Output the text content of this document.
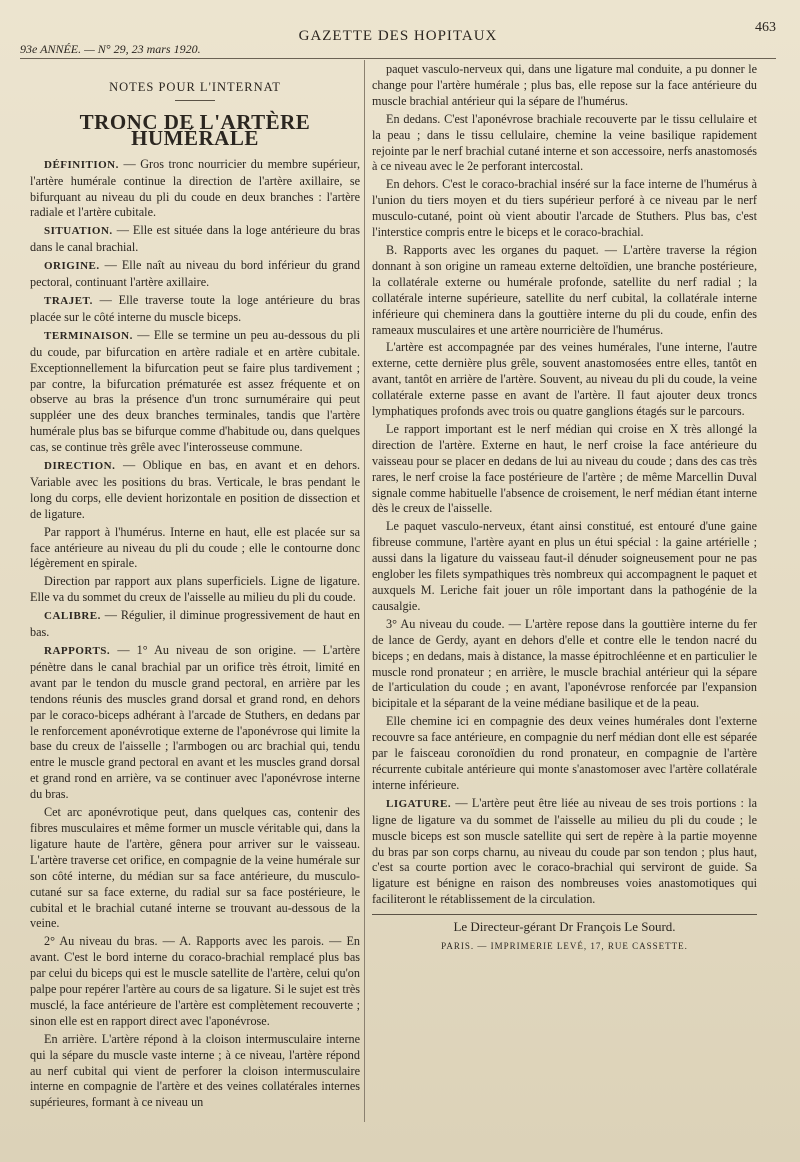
93e ANNÉE. — N° 29, 23 mars 1920.
GAZETTE DES HOPITAUX
463
NOTES POUR L'INTERNAT
TRONC DE L'ARTÈRE HUMÉRALE

DÉFINITION. — Gros tronc nourricier du membre supérieur, l'artère humérale continue la direction de l'artère axillaire, se bifurquant au niveau du pli du coude en deux branches : l'artère radiale et l'artère cubitale.

SITUATION. — Elle est située dans la loge antérieure du bras dans le canal brachial.

ORIGINE. — Elle naît au niveau du bord inférieur du grand pectoral, continuant l'artère axillaire.

TRAJET. — Elle traverse toute la loge antérieure du bras placée sur le côté interne du muscle biceps.

TERMINAISON. — Elle se termine un peu au-dessous du pli du coude, par bifurcation en artère radiale et en artère cubitale. Exceptionnellement la bifurcation peut se faire plus tardivement ; par contre, la bifurcation prématurée est assez fréquente et on observe au bras la présence d'un tronc surnuméraire qui peut suppléer une des deux branches terminales, tandis que l'artère humérale plus bas se bifurque comme d'habitude ou, dans quelques cas, se continue très grêle avec l'interosseuse commune.

DIRECTION. — Oblique en bas, en avant et en dehors. Variable avec les positions du bras. Verticale, le bras pendant le long du corps, elle devient horizontale en position de dissection et de ligature.

Par rapport à l'humérus. Interne en haut, elle est placée sur sa face antérieure au niveau du pli du coude ; elle le contourne donc légèrement en spirale.

Direction par rapport aux plans superficiels. Ligne de ligature. Elle va du sommet du creux de l'aisselle au milieu du pli du coude.

CALIBRE. — Régulier, il diminue progressivement de haut en bas.

RAPPORTS. — 1° Au niveau de son origine. — L'artère pénètre dans le canal brachial par un orifice très étroit, limité en avant par le tendon du muscle grand pectoral, en arrière par les tendons réunis des muscles grand dorsal et grand rond, en dehors par le coraco-biceps adhérant à l'arcade de Stuthers, en dedans par le renforcement aponévrotique externe de l'aponévrose qui limite la base du creux de l'aisselle ; l'armbogen ou arc brachial qui, tendu entre le muscle grand pectoral en avant et les muscles grand dorsal et grand rond en arrière, va se continuer avec l'aponévrose interne du bras.

Cet arc aponévrotique peut, dans quelques cas, contenir des fibres musculaires et même former un muscle véritable qui, dans la ligature haute de l'artère, gênera pour arriver sur le vaisseau. L'artère traverse cet orifice, en compagnie de la veine humérale sur son côté interne, du médian sur sa face antérieure, du musculo-cutané sur sa face externe, du radial sur sa face postérieure, le cubital et le brachial cutané interne se trouvant au-dessous de la veine.

2° Au niveau du bras. — A. Rapports avec les parois. — En avant. C'est le bord interne du coraco-brachial remplacé plus bas par celui du biceps qui est le muscle satellite de l'artère, celui qu'on palpe pour repérer l'artère au cours de sa ligature. Si le sujet est très musclé, la face antérieure de l'artère est complètement recouverte ; sinon elle est en rapport direct avec l'aponévrose.

En arrière. L'artère répond à la cloison intermusculaire interne qui la sépare du muscle vaste interne ; à ce niveau, l'artère répond au nerf cubital qui vient de perforer la cloison intermusculaire interne en compagnie de l'artère et des veines collatérales internes supérieures, formant à ce niveau un

paquet vasculo-nerveux qui, dans une ligature mal conduite, a pu donner le change pour l'artère humérale ; plus bas, elle repose sur la face antérieure du muscle brachial antérieur qui la sépare de l'humérus.

En dedans. C'est l'aponévrose brachiale recouverte par le tissu cellulaire et la peau ; dans le tissu cellulaire, chemine la veine basilique rapidement rejointe par le nerf brachial cutané interne et son accessoire, nerfs anastomosés à ce niveau avec le 2e perforant intercostal.

En dehors. C'est le coraco-brachial inséré sur la face interne de l'humérus à l'union du tiers moyen et du tiers supérieur perforé à ce niveau par le nerf musculo-cutané, point où vient aboutir l'arcade de Stuthers. Plus bas, c'est l'interstice compris entre le biceps et le coraco-brachial.

B. Rapports avec les organes du paquet. — L'artère traverse la région donnant à son origine un rameau externe deltoïdien, une branche postérieure, la collatérale externe ou humérale profonde, satellite du nerf radial ; la collatérale interne supérieure, satellite du nerf cubital, la collatérale interne inférieure qui cheminera dans la gouttière interne du pli du coude, enfin des rameaux musculaires et une artère nourricière de l'humérus.

L'artère est accompagnée par des veines humérales, l'une interne, l'autre externe, cette dernière plus grêle, souvent anastomosées entre elles, tantôt en avant, tantôt en arrière de l'artère. Souvent, au niveau du pli du coude, la veine collatérale externe passe en avant de l'artère. Il faut ajouter deux troncs lymphatiques profonds avec trois ou quatre ganglions étagés sur le parcours.

Le rapport important est le nerf médian qui croise en X très allongé la direction de l'artère. Externe en haut, le nerf croise la face antérieure du vaisseau pour se placer en dedans de lui au niveau du coude ; dans des cas très rares, le nerf croise la face postérieure de l'artère ; de même Marcellin Duval signale comme habituelle l'absence de croisement, le nerf médian étant interne dès le creux de l'aisselle.

Le paquet vasculo-nerveux, étant ainsi constitué, est entouré d'une gaine fibreuse commune, l'artère ayant en plus un étui spécial : la gaine artérielle ; aussi dans la ligature du vaisseau faut-il dénuder soigneusement pour ne pas englober les filets sympathiques très nombreux qui accompagnent le paquet et auxquels M. Leriche fait jouer un rôle important dans la pathogénie de la causalgie.

3° Au niveau du coude. — L'artère repose dans la gouttière interne du fer de lance de Gerdy, ayant en dehors d'elle et contre elle le tendon nacré du biceps ; en dedans, mais à distance, la masse épitrochléenne et en particulier le muscle rond pronateur ; en arrière, le muscle brachial antérieur qui la sépare de l'articulation du coude ; en avant, l'aponévrose renforcée par l'expansion bicipitale et la séparant de la veine médiane basilique et de la peau.

Elle chemine ici en compagnie des deux veines humérales dont l'externe recouvre sa face antérieure, en compagnie du nerf médian dont elle est séparée par le faisceau coronoïdien du rond pronateur, en compagnie de l'artère récurrente cubitale antérieure qui monte s'anastomoser avec l'artère collatérale interne inférieure.

LIGATURE. — L'artère peut être liée au niveau de ses trois portions : la ligne de ligature va du sommet de l'aisselle au milieu du pli du coude ; le muscle biceps est son muscle satellite qui sert de repère à la partie moyenne du bras par son corps charnu, au niveau du coude par son tendon ; plus haut, c'est sa courte portion avec le coraco-brachial qui serviront de guide. Sa ligature est bénigne en raison des nombreuses voies anastomotiques qui faciliteront le rétablissement de la circulation.

Le Directeur-gérant Dr François Le Sourd.
PARIS. — IMPRIMERIE LEVÉ, 17, RUE CASSETTE.
